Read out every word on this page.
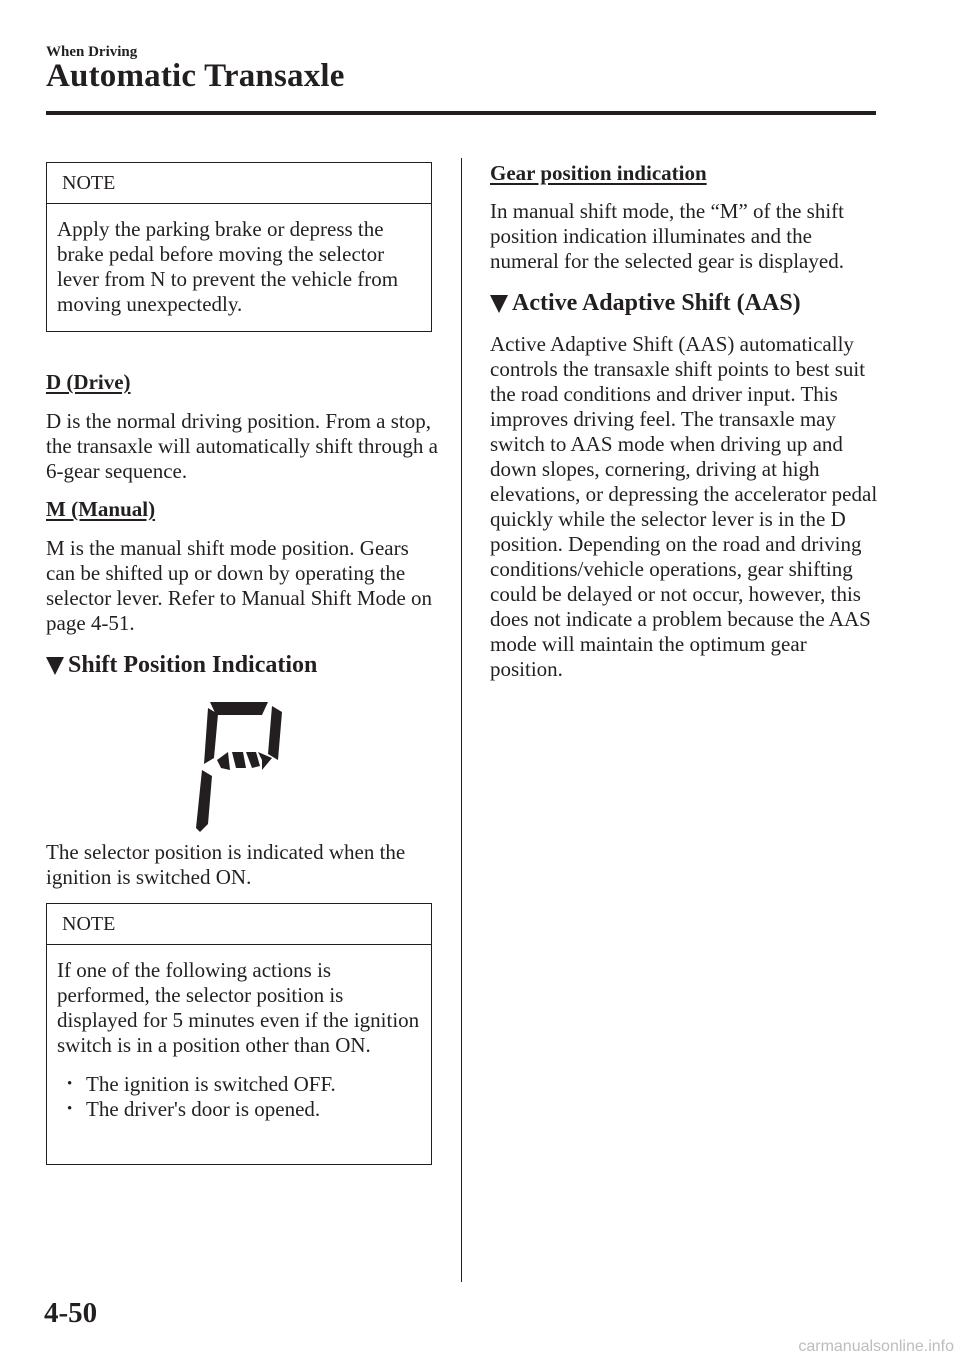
When Driving
Automatic Transaxle
NOTE
Apply the parking brake or depress the brake pedal before moving the selector lever from N to prevent the vehicle from moving unexpectedly.
D (Drive)
D is the normal driving position. From a stop, the transaxle will automatically shift through a 6-gear sequence.
M (Manual)
M is the manual shift mode position. Gears can be shifted up or down by operating the selector lever. Refer to Manual Shift Mode on page 4-51.
Shift Position Indication
The selector position is indicated when the ignition is switched ON.
NOTE
If one of the following actions is performed, the selector position is displayed for 5 minutes even if the ignition switch is in a position other than ON.
• The ignition is switched OFF.
• The driver's door is opened.
Gear position indication
In manual shift mode, the “M” of the shift position indication illuminates and the numeral for the selected gear is displayed.
Active Adaptive Shift (AAS)
Active Adaptive Shift (AAS) automatically controls the transaxle shift points to best suit the road conditions and driver input. This improves driving feel. The transaxle may switch to AAS mode when driving up and down slopes, cornering, driving at high elevations, or depressing the accelerator pedal quickly while the selector lever is in the D position. Depending on the road and driving conditions/vehicle operations, gear shifting could be delayed or not occur, however, this does not indicate a problem because the AAS mode will maintain the optimum gear position.
4-50
carmanualsonline.info
